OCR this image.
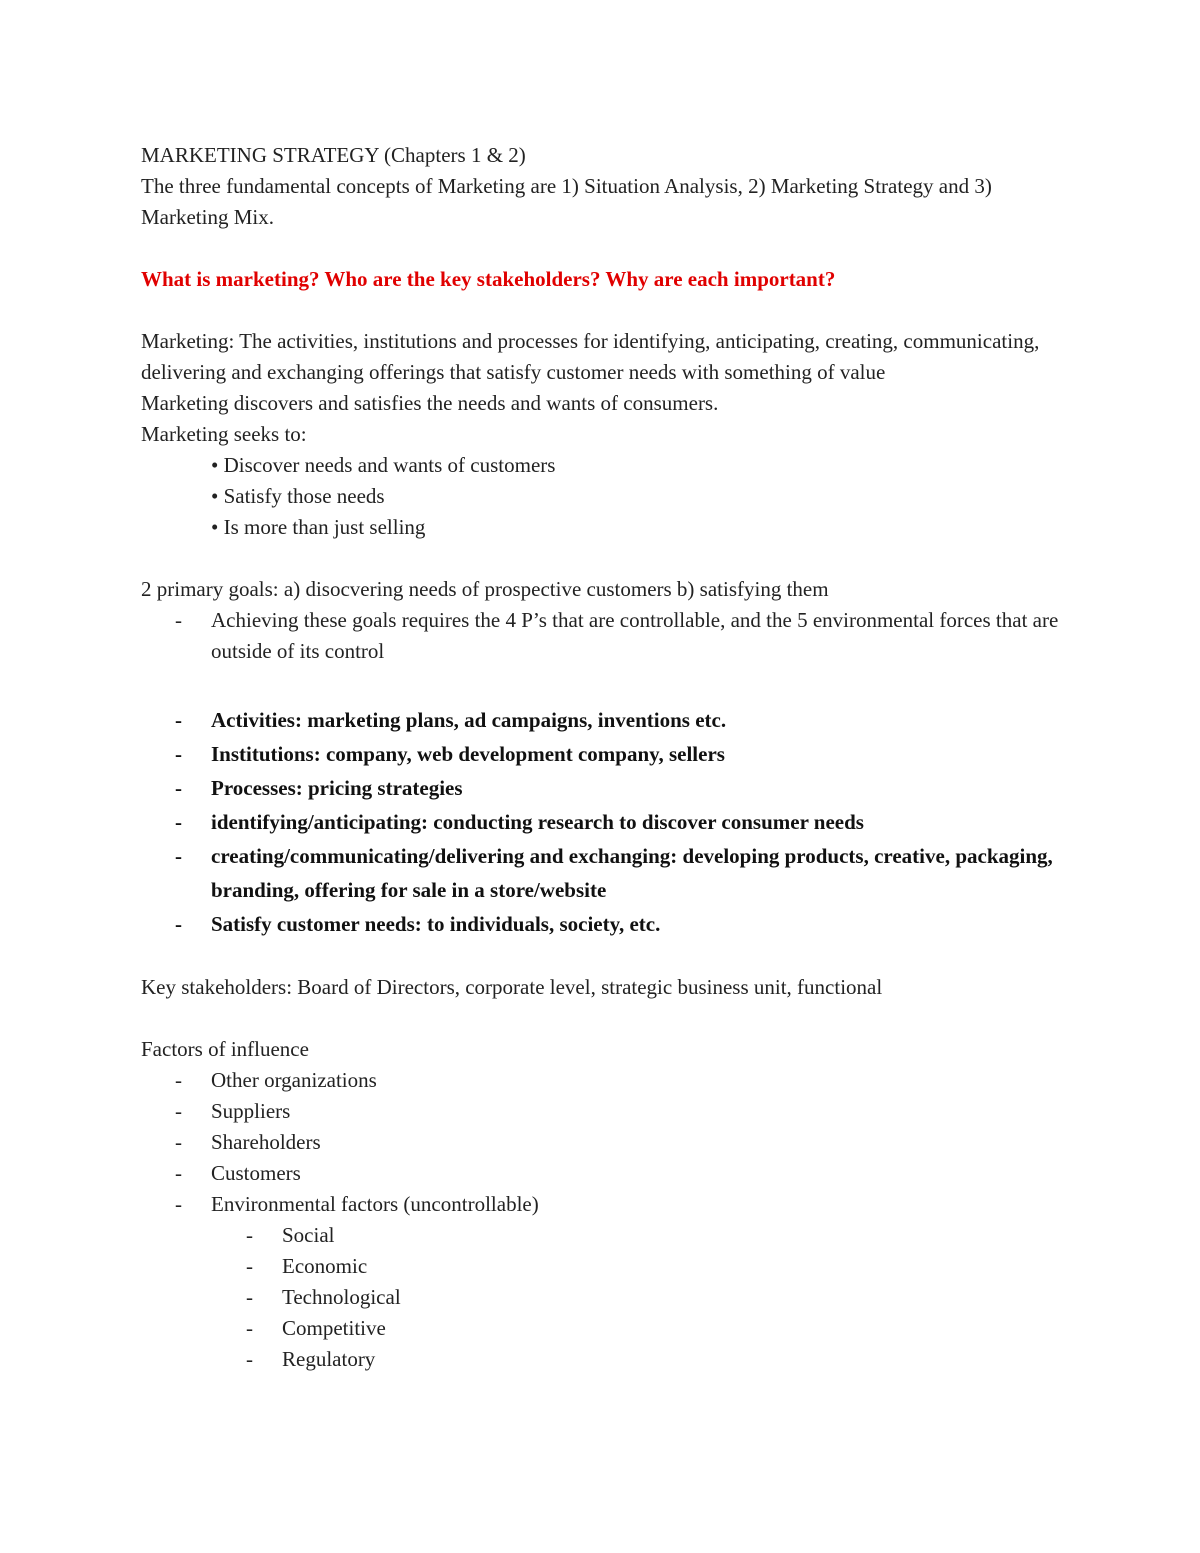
MARKETING STRATEGY (Chapters 1 & 2)
The three fundamental concepts of Marketing are 1) Situation Analysis, 2) Marketing Strategy and 3) Marketing Mix.
What is marketing? Who are the key stakeholders? Why are each important?
Marketing: The activities, institutions and processes for identifying, anticipating, creating, communicating, delivering and exchanging offerings that satisfy customer needs with something of value
Marketing discovers and satisfies the needs and wants of consumers.
Marketing seeks to:
• Discover needs and wants of customers
• Satisfy those needs
• Is more than just selling
2 primary goals: a) disocvering needs of prospective customers b) satisfying them
-	Achieving these goals requires the 4 P’s that are controllable, and the 5 environmental forces that are outside of its control
-	Activities: marketing plans, ad campaigns, inventions etc.
-	Institutions: company, web development company, sellers
-	Processes: pricing strategies
-	identifying/anticipating: conducting research to discover consumer needs
-	creating/communicating/delivering and exchanging: developing products, creative, packaging, branding, offering for sale in a store/website
-	Satisfy customer needs: to individuals, society, etc.
Key stakeholders: Board of Directors, corporate level, strategic business unit, functional
Factors of influence
-	Other organizations
-	Suppliers
-	Shareholders
-	Customers
-	Environmental factors (uncontrollable)
-	Social
-	Economic
-	Technological
-	Competitive
-	Regulatory
